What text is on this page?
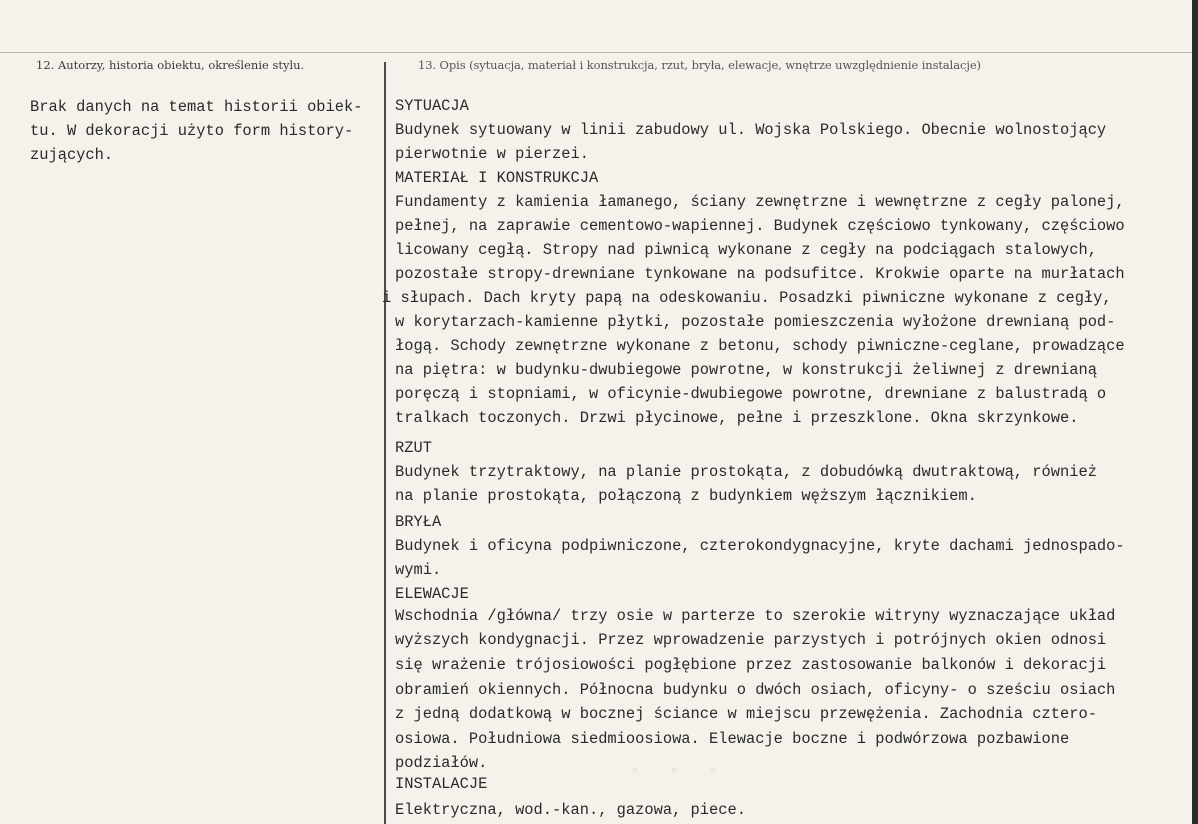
12. Autorzy, historia obiektu, określenie stylu.	13. Opis (sytuacja, materiał i konstrukcja, rzut, bryła, elewacje, wnętrze uwzględnienie instalacje)
◦ ◦ ◦
Brak danych na temat historii obiek-
tu. W dekoracji użyto form history-
zujących.
SYTUACJA
Budynek sytuowany w linii zabudowy ul. Wojska Polskiego. Obecnie wolnostojący
pierwotnie w pierzei.
MATERIAŁ I KONSTRUKCJA
Fundamenty z kamienia łamanego, ściany zewnętrzne i wewnętrzne z cegły palonej,
pełnej, na zaprawie cementowo-wapiennej. Budynek częściowo tynkowany, częściowo
licowany cegłą. Stropy nad piwnicą wykonane z cegły na podciągach stalowych,
pozostałe stropy-drewniane tynkowane na podsufitce. Krokwie oparte na murłatach
i słupach. Dach kryty papą na odeskowaniu. Posadzki piwniczne wykonane z cegły,
w korytarzach-kamienne płytki, pozostałe pomieszczenia wyłożone drewnianą pod-
łogą. Schody zewnętrzne wykonane z betonu, schody piwniczne-ceglane, prowadzące
na piętra: w budynku-dwubiegowe powrotne, w konstrukcji żeliwnej z drewnianą
poręczą i stopniami, w oficynie-dwubiegowe powrotne, drewniane z balustradą o
tralkach toczonych. Drzwi płycinowe, pełne i przeszklone. Okna skrzynkowe.
RZUT
Budynek trzytraktowy, na planie prostokąta, z dobudówką dwutraktową, również
na planie prostokąta, połączoną z budynkiem węższym łącznikiem.
BRYŁA
Budynek i oficyna podpiwniczone, czterokondygnacyjne, kryte dachami jednospado-
wymi.
ELEWACJE
Wschodnia /główna/ trzy osie w parterze to szerokie witryny wyznaczające układ
wyższych kondygnacji. Przez wprowadzenie parzystych i potrójnych okien odnosi
się wrażenie trójosiowości pogłębione przez zastosowanie balkonów i dekoracji
obramień okiennych. Północna budynku o dwóch osiach, oficyny- o sześciu osiach
z jedną dodatkową w bocznej ściance w miejscu przewężenia. Zachodnia cztero-
osiowa. Południowa siedmioosiowa. Elewacje boczne i podwórzowa pozbawione
podziałów.
INSTALACJE
Elektryczna, wod.-kan., gazowa, piece.
